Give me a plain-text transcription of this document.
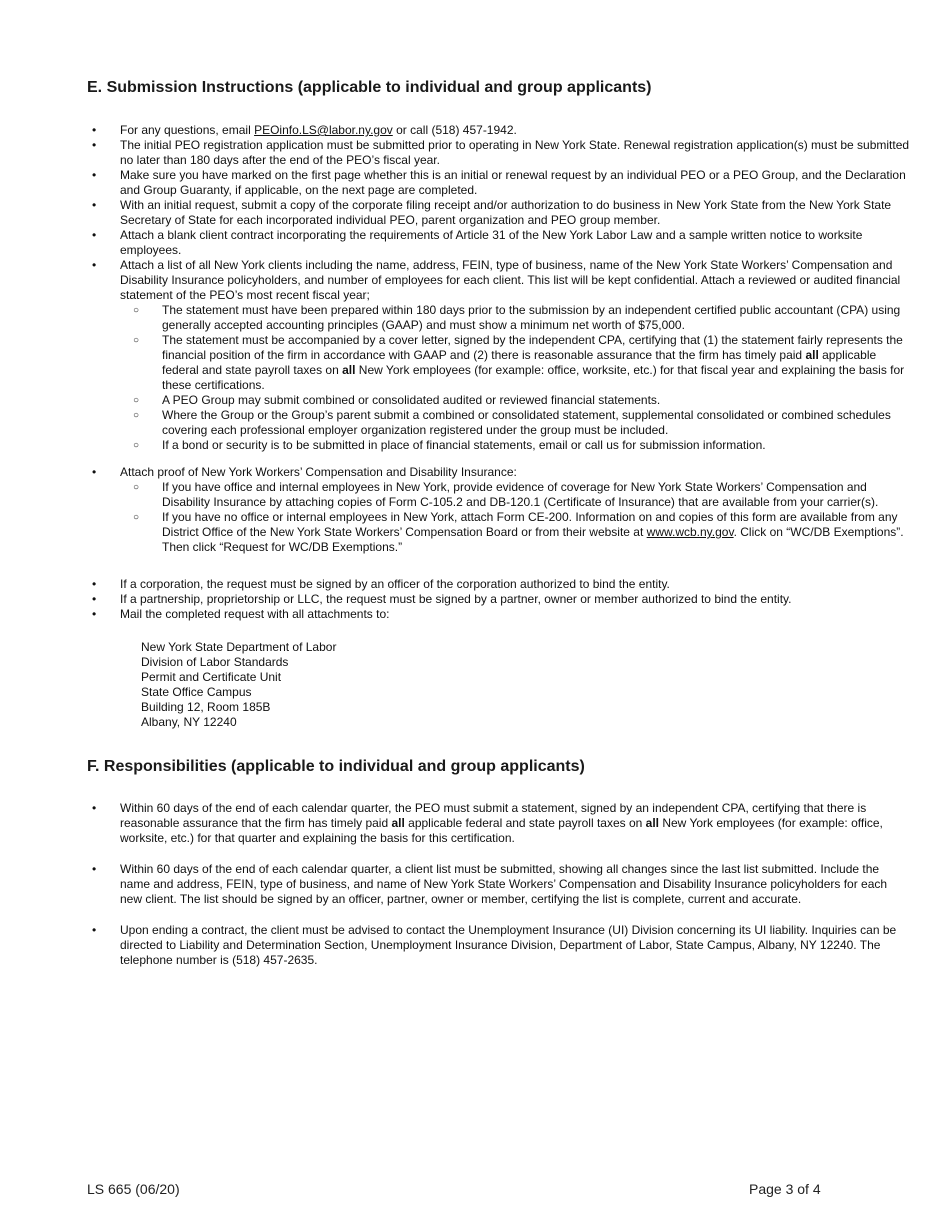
E. Submission Instructions (applicable to individual and group applicants)
• For any questions, email PEOinfo.LS@labor.ny.gov or call (518) 457-1942.
• The initial PEO registration application must be submitted prior to operating in New York State. Renewal registration application(s) must be submitted no later than 180 days after the end of the PEO’s fiscal year.
• Make sure you have marked on the first page whether this is an initial or renewal request by an individual PEO or a PEO Group, and the Declaration and Group Guaranty, if applicable, on the next page are completed.
• With an initial request, submit a copy of the corporate filing receipt and/or authorization to do business in New York State from the New York State Secretary of State for each incorporated individual PEO, parent organization and PEO group member.
• Attach a blank client contract incorporating the requirements of Article 31 of the New York Labor Law and a sample written notice to worksite employees.
• Attach a list of all New York clients including the name, address, FEIN, type of business, name of the New York State Workers’ Compensation and Disability Insurance policyholders, and number of employees for each client. This list will be kept confidential. Attach a reviewed or audited financial statement of the PEO’s most recent fiscal year;
○ The statement must have been prepared within 180 days prior to the submission by an independent certified public accountant (CPA) using generally accepted accounting principles (GAAP) and must show a minimum net worth of $75,000.
○ The statement must be accompanied by a cover letter, signed by the independent CPA, certifying that (1) the statement fairly represents the financial position of the firm in accordance with GAAP and (2) there is reasonable assurance that the firm has timely paid all applicable federal and state payroll taxes on all New York employees (for example: office, worksite, etc.) for that fiscal year and explaining the basis for these certifications.
○ A PEO Group may submit combined or consolidated audited or reviewed financial statements.
○ Where the Group or the Group’s parent submit a combined or consolidated statement, supplemental consolidated or combined schedules covering each professional employer organization registered under the group must be included.
○ If a bond or security is to be submitted in place of financial statements, email or call us for submission information.
• Attach proof of New York Workers’ Compensation and Disability Insurance:
○ If you have office and internal employees in New York, provide evidence of coverage for New York State Workers’ Compensation and Disability Insurance by attaching copies of Form C-105.2 and DB-120.1 (Certificate of Insurance) that are available from your carrier(s).
○ If you have no office or internal employees in New York, attach Form CE-200. Information on and copies of this form are available from any District Office of the New York State Workers’ Compensation Board or from their website at www.wcb.ny.gov. Click on “WC/DB Exemptions”. Then click “Request for WC/DB Exemptions.”
• If a corporation, the request must be signed by an officer of the corporation authorized to bind the entity.
• If a partnership, proprietorship or LLC, the request must be signed by a partner, owner or member authorized to bind the entity.
• Mail the completed request with all attachments to:
New York State Department of Labor
Division of Labor Standards
Permit and Certificate Unit
State Office Campus
Building 12, Room 185B
Albany, NY 12240
F. Responsibilities (applicable to individual and group applicants)
• Within 60 days of the end of each calendar quarter, the PEO must submit a statement, signed by an independent CPA, certifying that there is reasonable assurance that the firm has timely paid all applicable federal and state payroll taxes on all New York employees (for example: office, worksite, etc.) for that quarter and explaining the basis for this certification.
• Within 60 days of the end of each calendar quarter, a client list must be submitted, showing all changes since the last list submitted. Include the name and address, FEIN, type of business, and name of New York State Workers’ Compensation and Disability Insurance policyholders for each new client. The list should be signed by an officer, partner, owner or member, certifying the list is complete, current and accurate.
• Upon ending a contract, the client must be advised to contact the Unemployment Insurance (UI) Division concerning its UI liability. Inquiries can be directed to Liability and Determination Section, Unemployment Insurance Division, Department of Labor, State Campus, Albany, NY 12240. The telephone number is (518) 457-2635.
LS 665 (06/20)	Page 3 of 4
